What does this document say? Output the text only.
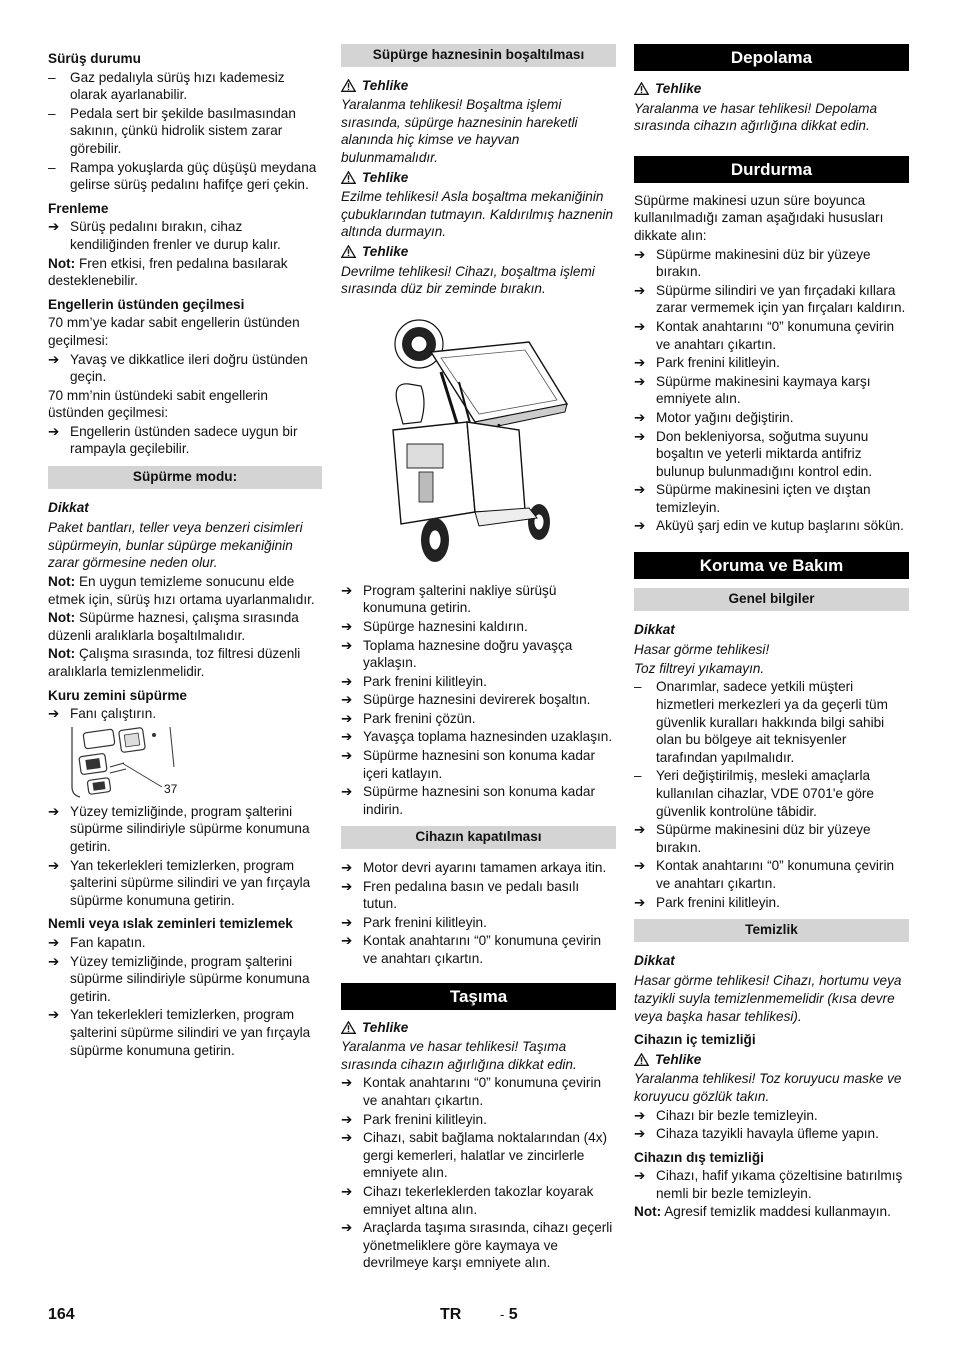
Sürüş durumu
–	Gaz pedalıyla sürüş hızı kademesiz olarak ayarlanabilir.
–	Pedala sert bir şekilde basılmasından sakının, çünkü hidrolik sistem zarar görebilir.
–	Rampa yokuşlarda güç düşüşü meydana gelirse sürüş pedalını hafifçe geri çekin.
Frenleme
➔ Sürüş pedalını bırakın, cihaz kendiliğinden frenler ve durup kalır.
Not: Fren etkisi, fren pedalına basılarak desteklenebilir.
Engellerin üstünden geçilmesi
70 mm’ye kadar sabit engellerin üstünden geçilmesi:
➔ Yavaş ve dikkatlice ileri doğru üstünden geçin.
70 mm’nin üstündeki sabit engellerin üstünden geçilmesi:
➔ Engellerin üstünden sadece uygun bir rampayla geçilebilir.
Süpürme modu:
Dikkat
Paket bantları, teller veya benzeri cisimleri süpürmeyin, bunlar süpürge mekaniğinin zarar görmesine neden olur.
Not: En uygun temizleme sonucunu elde etmek için, sürüş hızı ortama uyarlanmalıdır.
Not: Süpürme haznesi, çalışma sırasında düzenli aralıklarla boşaltılmalıdır.
Not: Çalışma sırasında, toz filtresi düzenli aralıklarla temizlenmelidir.
Kuru zemini süpürme
➔ Fanı çalıştırın.
37
➔ Yüzey temizliğinde, program şalterini süpürme silindiriyle süpürme konumuna getirin.
➔ Yan tekerlekleri temizlerken, program şalterini süpürme silindiri ve yan fırçayla süpürme konumuna getirin.
Nemli veya ıslak zeminleri temizlemek
➔ Fan kapatın.
➔ Yüzey temizliğinde, program şalterini süpürme silindiriyle süpürme konumuna getirin.
➔ Yan tekerlekleri temizlerken, program şalterini süpürme silindiri ve yan fırçayla süpürme konumuna getirin.
Süpürge haznesinin boşaltılması
Tehlike
Yaralanma tehlikesi! Boşaltma işlemi sırasında, süpürge haznesinin hareketli alanında hiç kimse ve hayvan bulunmamalıdır.
Tehlike
Ezilme tehlikesi! Asla boşaltma mekaniğinin çubuklarından tutmayın. Kaldırılmış haznenin altında durmayın.
Tehlike
Devrilme tehlikesi! Cihazı, boşaltma işlemi sırasında düz bir zeminde bırakın.
➔ Program şalterini nakliye sürüşü konumuna getirin.
➔ Süpürge haznesini kaldırın.
➔ Toplama haznesine doğru yavaşça yaklaşın.
➔ Park frenini kilitleyin.
➔ Süpürge haznesini devirerek boşaltın.
➔ Park frenini çözün.
➔ Yavaşça toplama haznesinden uzaklaşın.
➔ Süpürme haznesini son konuma kadar içeri katlayın.
➔ Süpürme haznesini son konuma kadar indirin.
Cihazın kapatılması
➔ Motor devri ayarını tamamen arkaya itin.
➔ Fren pedalına basın ve pedalı basılı tutun.
➔ Park frenini kilitleyin.
➔ Kontak anahtarını “0” konumuna çevirin ve anahtarı çıkartın.
Taşıma
Tehlike
Yaralanma ve hasar tehlikesi! Taşıma sırasında cihazın ağırlığına dikkat edin.
➔ Kontak anahtarını “0” konumuna çevirin ve anahtarı çıkartın.
➔ Park frenini kilitleyin.
➔ Cihazı, sabit bağlama noktalarından (4x) gergi kemerleri, halatlar ve zincirlerle emniyete alın.
➔ Cihazı tekerleklerden takozlar koyarak emniyet altına alın.
➔ Araçlarda taşıma sırasında, cihazı geçerli yönetmeliklere göre kaymaya ve devrilmeye karşı emniyete alın.
Depolama
Tehlike
Yaralanma ve hasar tehlikesi! Depolama sırasında cihazın ağırlığına dikkat edin.
Durdurma
Süpürme makinesi uzun süre boyunca kullanılmadığı zaman aşağıdaki hususları dikkate alın:
➔ Süpürme makinesini düz bir yüzeye bırakın.
➔ Süpürme silindiri ve yan fırçadaki kıllara zarar vermemek için yan fırçaları kaldırın.
➔ Kontak anahtarını “0” konumuna çevirin ve anahtarı çıkartın.
➔ Park frenini kilitleyin.
➔ Süpürme makinesini kaymaya karşı emniyete alın.
➔ Motor yağını değiştirin.
➔ Don bekleniyorsa, soğutma suyunu boşaltın ve yeterli miktarda antifriz bulunup bulunmadığını kontrol edin.
➔ Süpürme makinesini içten ve dıştan temizleyin.
➔ Aküyü şarj edin ve kutup başlarını sökün.
Koruma ve Bakım
Genel bilgiler
Dikkat
Hasar görme tehlikesi!
Toz filtreyi yıkamayın.
–	Onarımlar, sadece yetkili müşteri hizmetleri merkezleri ya da geçerli tüm güvenlik kuralları hakkında bilgi sahibi olan bu bölgeye ait teknisyenler tarafından yapılmalıdır.
–	Yeri değiştirilmiş, mesleki amaçlarla kullanılan cihazlar, VDE 0701'e göre güvenlik kontrolüne tâbidir.
➔ Süpürme makinesini düz bir yüzeye bırakın.
➔ Kontak anahtarını “0” konumuna çevirin ve anahtarı çıkartın.
➔ Park frenini kilitleyin.
Temizlik
Dikkat
Hasar görme tehlikesi! Cihazı, hortumu veya tazyikli suyla temizlenmemelidir (kısa devre veya başka hasar tehlikesi).
Cihazın iç temizliği
Tehlike
Yaralanma tehlikesi! Toz koruyucu maske ve koruyucu gözlük takın.
➔ Cihazı bir bezle temizleyin.
➔ Cihaza tazyikli havayla üfleme yapın.
Cihazın dış temizliği
➔ Cihazı, hafif yıkama çözeltisine batırılmış nemli bir bezle temizleyin.
Not: Agresif temizlik maddesi kullanmayın.
164	TR	- 5
